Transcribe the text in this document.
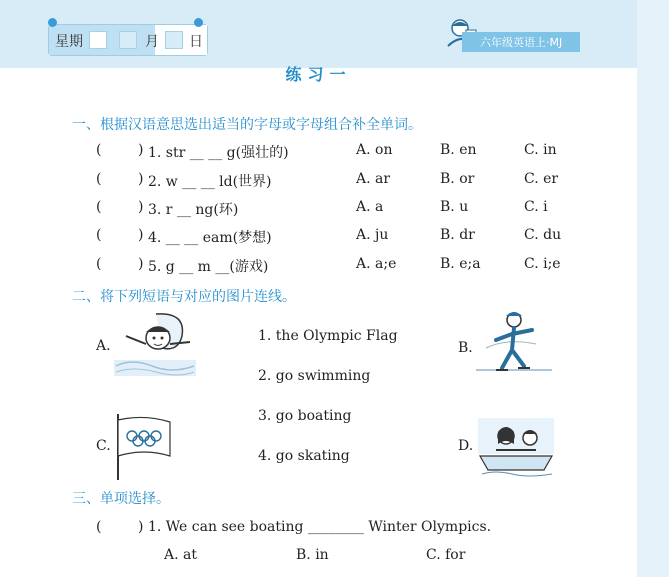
星期	月 日	六年级英语上·MJ
练习一
一、根据汉语意思选出适当的字母或字母组合补全单词。
(	) 1. str __ __ g(强壮的)	A. on	B. en	C. in
(	) 2. w __ __ ld(世界)	A. ar	B. or	C. er
(	) 3. r __ ng(环)	A. a	B. u	C. i
(	) 4. __ __ eam(梦想)	A. ju	B. dr	C. du
(	) 5. g __ m __(游戏)	A. a;e	B. e;a	C. i;e
二、将下列短语与对应的图片连线。
A.
1. the Olympic Flag
2. go swimming
3. go boating
4. go skating
B.
C.	D.
三、单项选择。
(	) 1. We can see boating ________ Winter Olympics.
A. at	B. in	C. for
